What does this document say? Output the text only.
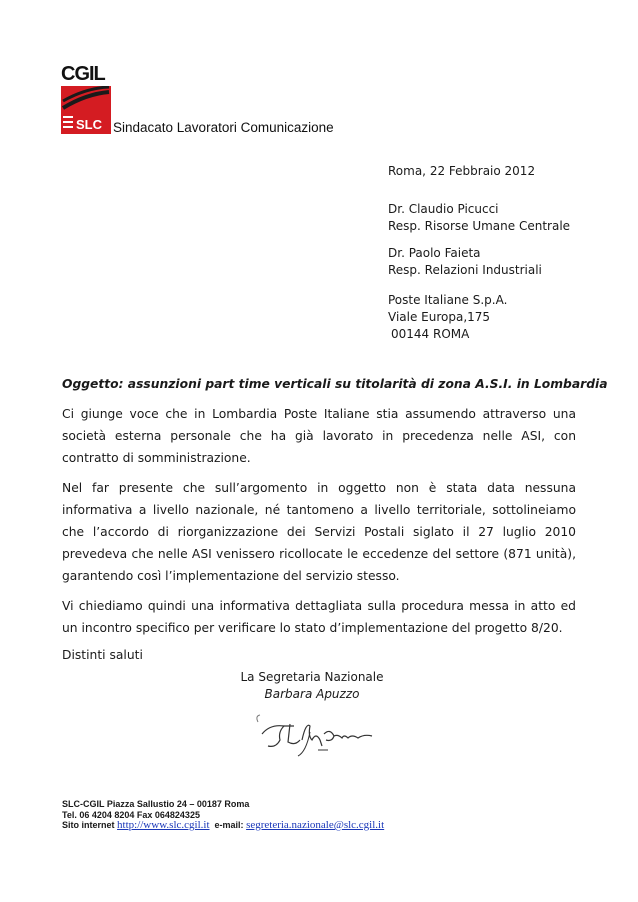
CGIL
SLC Sindacato Lavoratori Comunicazione
Roma, 22 Febbraio 2012
Dr. Claudio Picucci
Resp. Risorse Umane Centrale
Dr. Paolo Faieta
Resp. Relazioni Industriali
Poste Italiane S.p.A.
Viale Europa,175
00144 ROMA
Oggetto: assunzioni part time verticali su titolarità di zona A.S.I. in Lombardia
Ci giunge voce che in Lombardia Poste Italiane stia assumendo attraverso una società esterna personale che ha già lavorato in precedenza nelle ASI, con contratto di somministrazione.
Nel far presente che sull’argomento in oggetto non è stata data nessuna informativa a livello nazionale, né tantomeno a livello territoriale, sottolineiamo che l’accordo di riorganizzazione dei Servizi Postali siglato il 27 luglio 2010 prevedeva che nelle ASI venissero ricollocate le eccedenze del settore (871 unità), garantendo così l’implementazione del servizio stesso.
Vi chiediamo quindi una informativa dettagliata sulla procedura messa in atto ed un incontro specifico per verificare lo stato d’implementazione del progetto 8/20.
Distinti saluti
La Segretaria Nazionale
Barbara Apuzzo
SLC-CGIL Piazza Sallustio 24 – 00187 Roma
Tel. 06 4204 8204 Fax 064824325
Sito internet http://www.slc.cgil.it e-mail: segreteria.nazionale@slc.cgil.it
